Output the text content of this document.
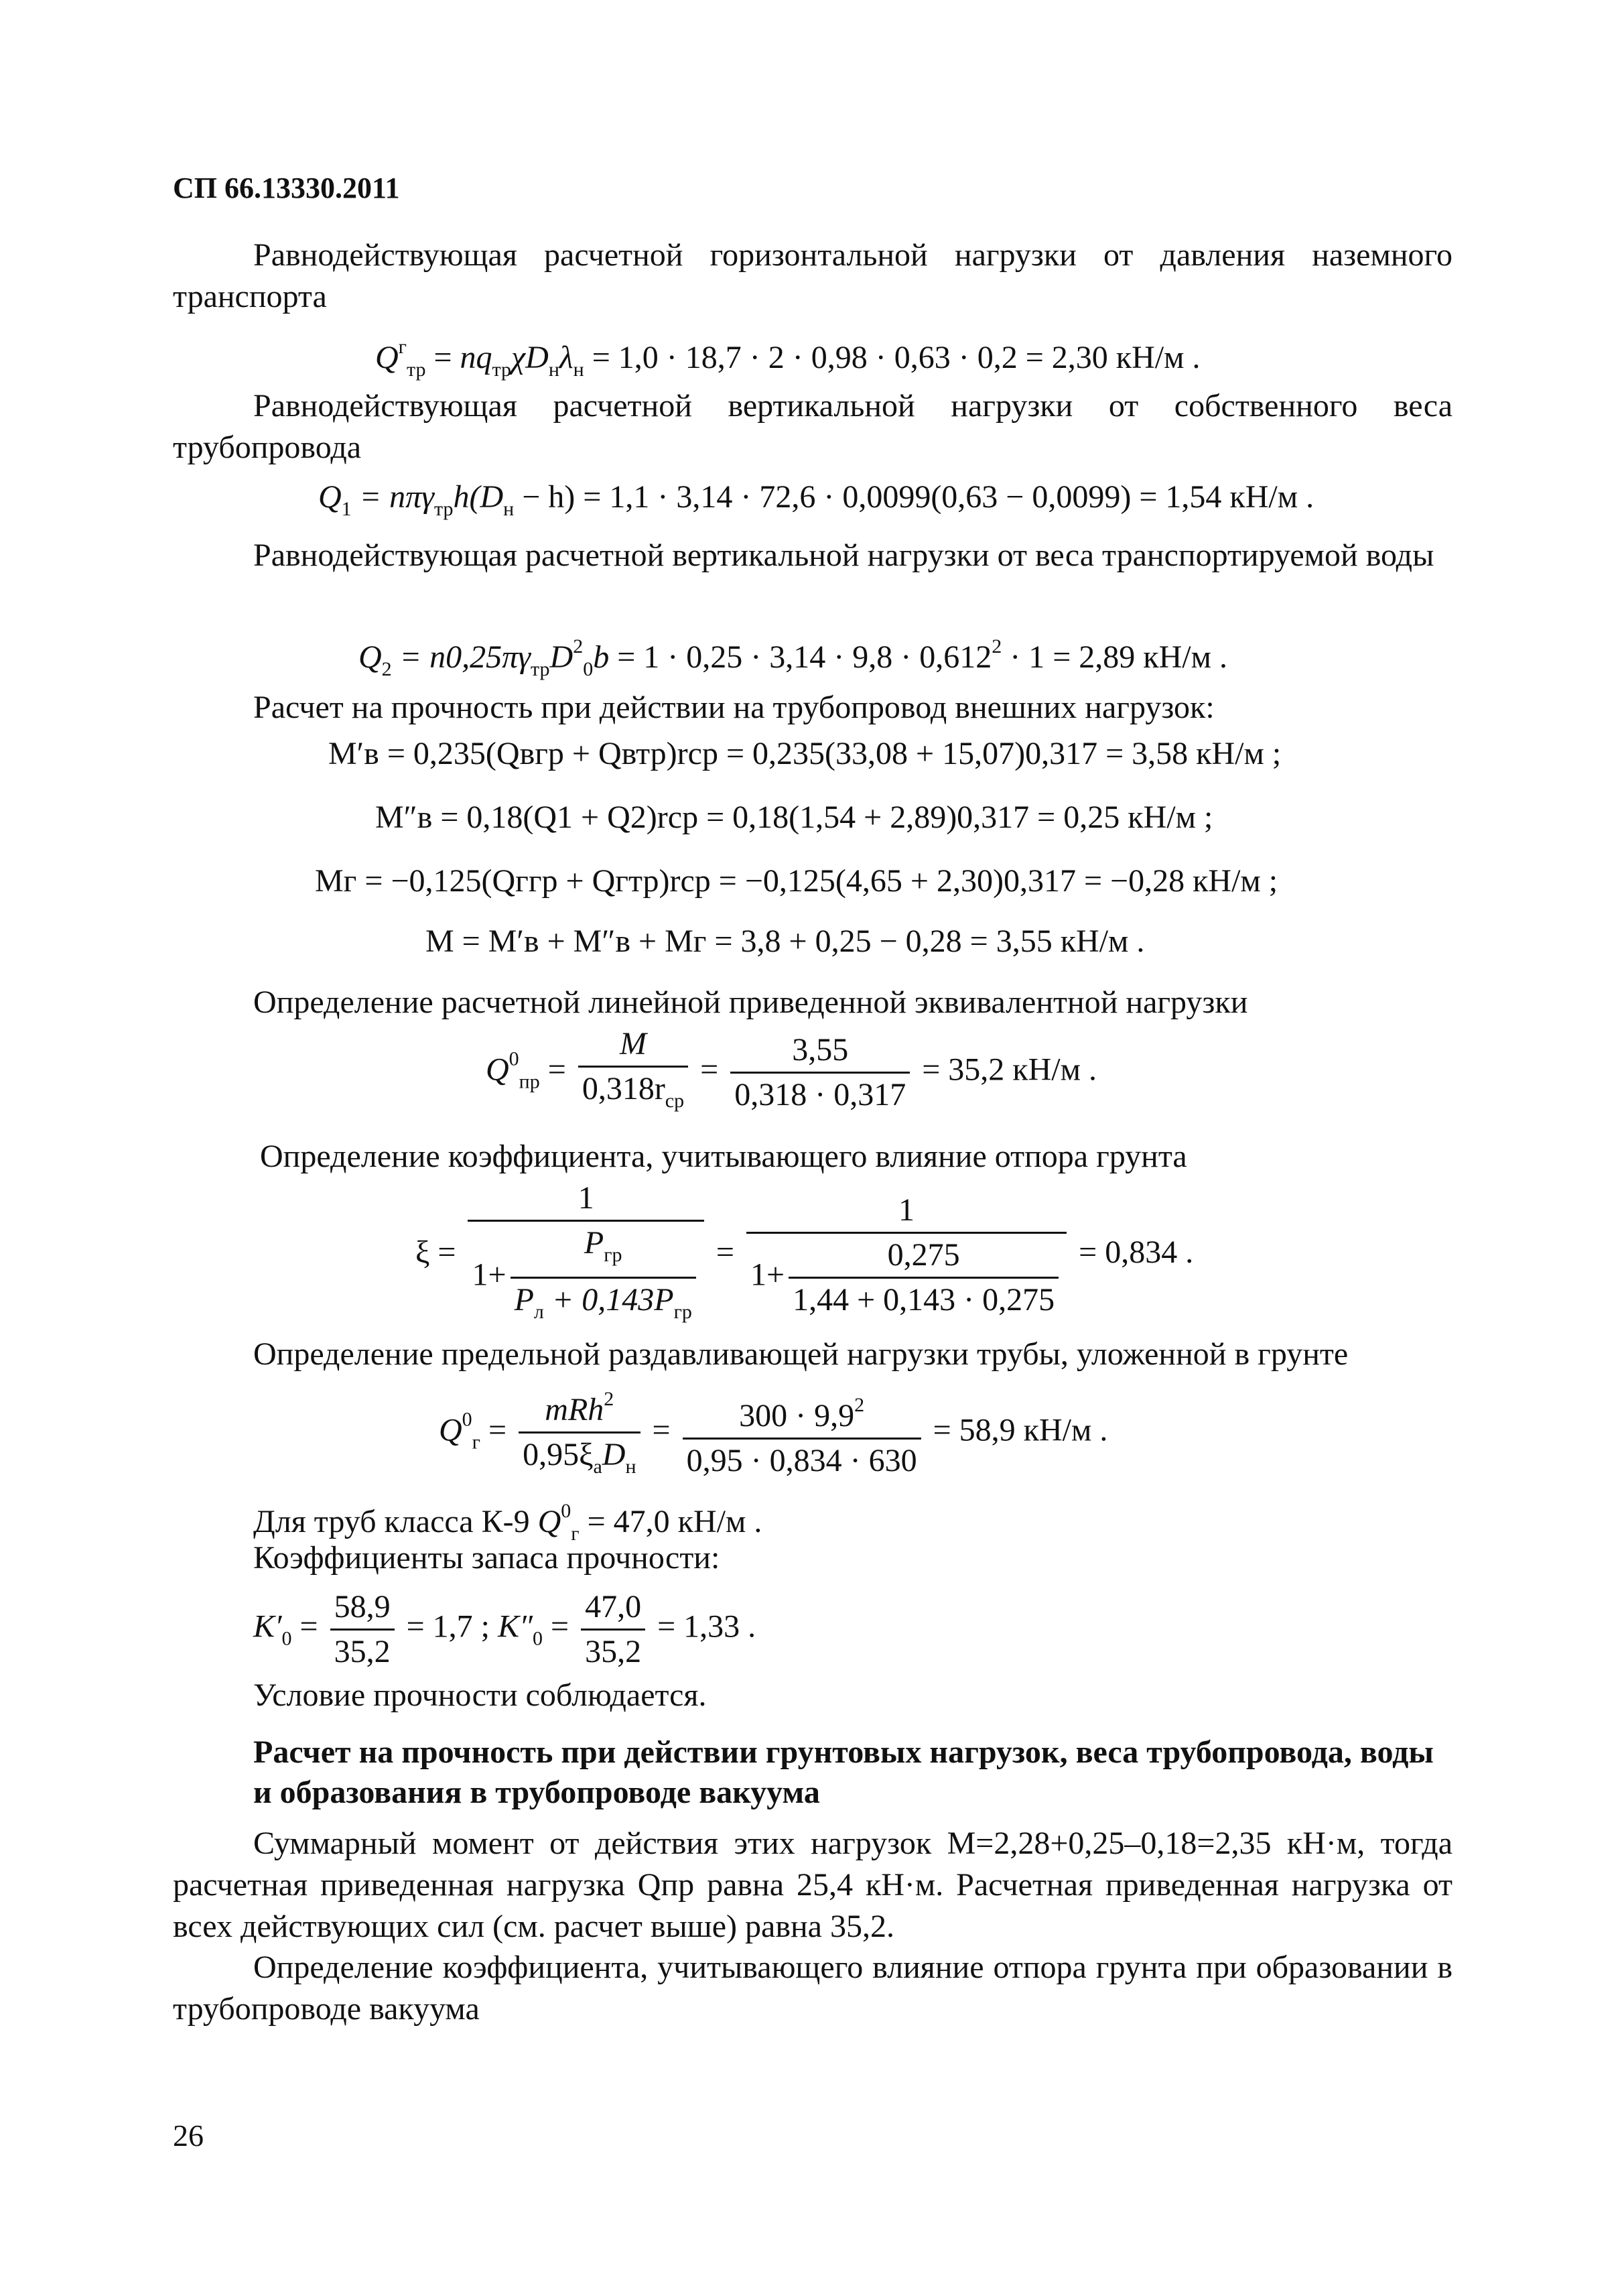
СП 66.13330.2011
Равнодействующая расчетной горизонтальной нагрузки от давления наземного транспорта
$Q^г_{тр} = nq_{тр}\chi D_н\lambda_н = 1,0 \cdot 18,7 \cdot 2 \cdot 0,98 \cdot 0,63 \cdot 0,2 = 2,30$ кН/м .
Равнодействующая расчетной вертикальной нагрузки от собственного веса трубопровода
$Q_1 = n\pi\gamma_{тр}h(D_н - h) = 1,1 \cdot 3,14 \cdot 72,6 \cdot 0,0099(0,63 - 0,0099) = 1,54$ кН/м .
Равнодействующая расчетной вертикальной нагрузки от веса транспортируемой воды
$Q_2 = n0,25\pi\gamma_{тр}D^2_0b = 1 \cdot 0,25 \cdot 3,14 \cdot 9,8 \cdot 0,612^2 \cdot 1 = 2,89$ кН/м .
Расчет на прочность при действии на трубопровод внешних нагрузок:
M′в = 0,235(Qвгр + Qвтр)rср = 0,235(33,08 + 15,07)0,317 = 3,58 кН/м ;
M″в = 0,18(Q1 + Q2)rср = 0,18(1,54 + 2,89)0,317 = 0,25 кН/м ;
Mг = −0,125(Qггр + Qгтр)rср = −0,125(4,65 + 2,30)0,317 = −0,28 кН/м ;
M = M′в + M″в + Mг = 3,8 + 0,25 − 0,28 = 3,55 кН/м .
Определение расчетной линейной приведенной эквивалентной нагрузки
$Q^0_{пр} = \frac{M}{0,318r_{ср}} = \frac{3,55}{0,318 \cdot 0,317} = 35,2$ кН/м .
Определение коэффициента, учитывающего влияние отпора грунта
$\xi = \frac{1}{1+ \frac{P_{гр}}{P_л + 0,143P_{гр}}} = \frac{1}{1+ \frac{0,275}{1,44 + 0,143 \cdot 0,275}} = 0,834$ .
Определение предельной раздавливающей нагрузки трубы, уложенной в грунте
$Q^0_г = \frac{mRh^2}{0,95\xi_аD_н} = \frac{300 \cdot 9,9^2}{0,95 \cdot 0,834 \cdot 630} = 58,9$ кН/м .
Для труб класса К-9 $Q^0_г = 47,0$ кН/м .
Коэффициенты запаса прочности:
$K'_0 = \frac{58,9}{35,2} = 1,7$ ; $K''_0 = \frac{47,0}{35,2} = 1,33$ .
Условие прочности соблюдается.
Расчет на прочность при действии грунтовых нагрузок, веса трубопровода, воды и образования в трубопроводе вакуума
Суммарный момент от действия этих нагрузок M=2,28+0,25–0,18=2,35 кН·м, тогда расчетная приведенная нагрузка Qпр равна 25,4 кН·м. Расчетная приведенная нагрузка от всех действующих сил (см. расчет выше) равна 35,2.
Определение коэффициента, учитывающего влияние отпора грунта при образовании в трубопроводе вакуума
26
